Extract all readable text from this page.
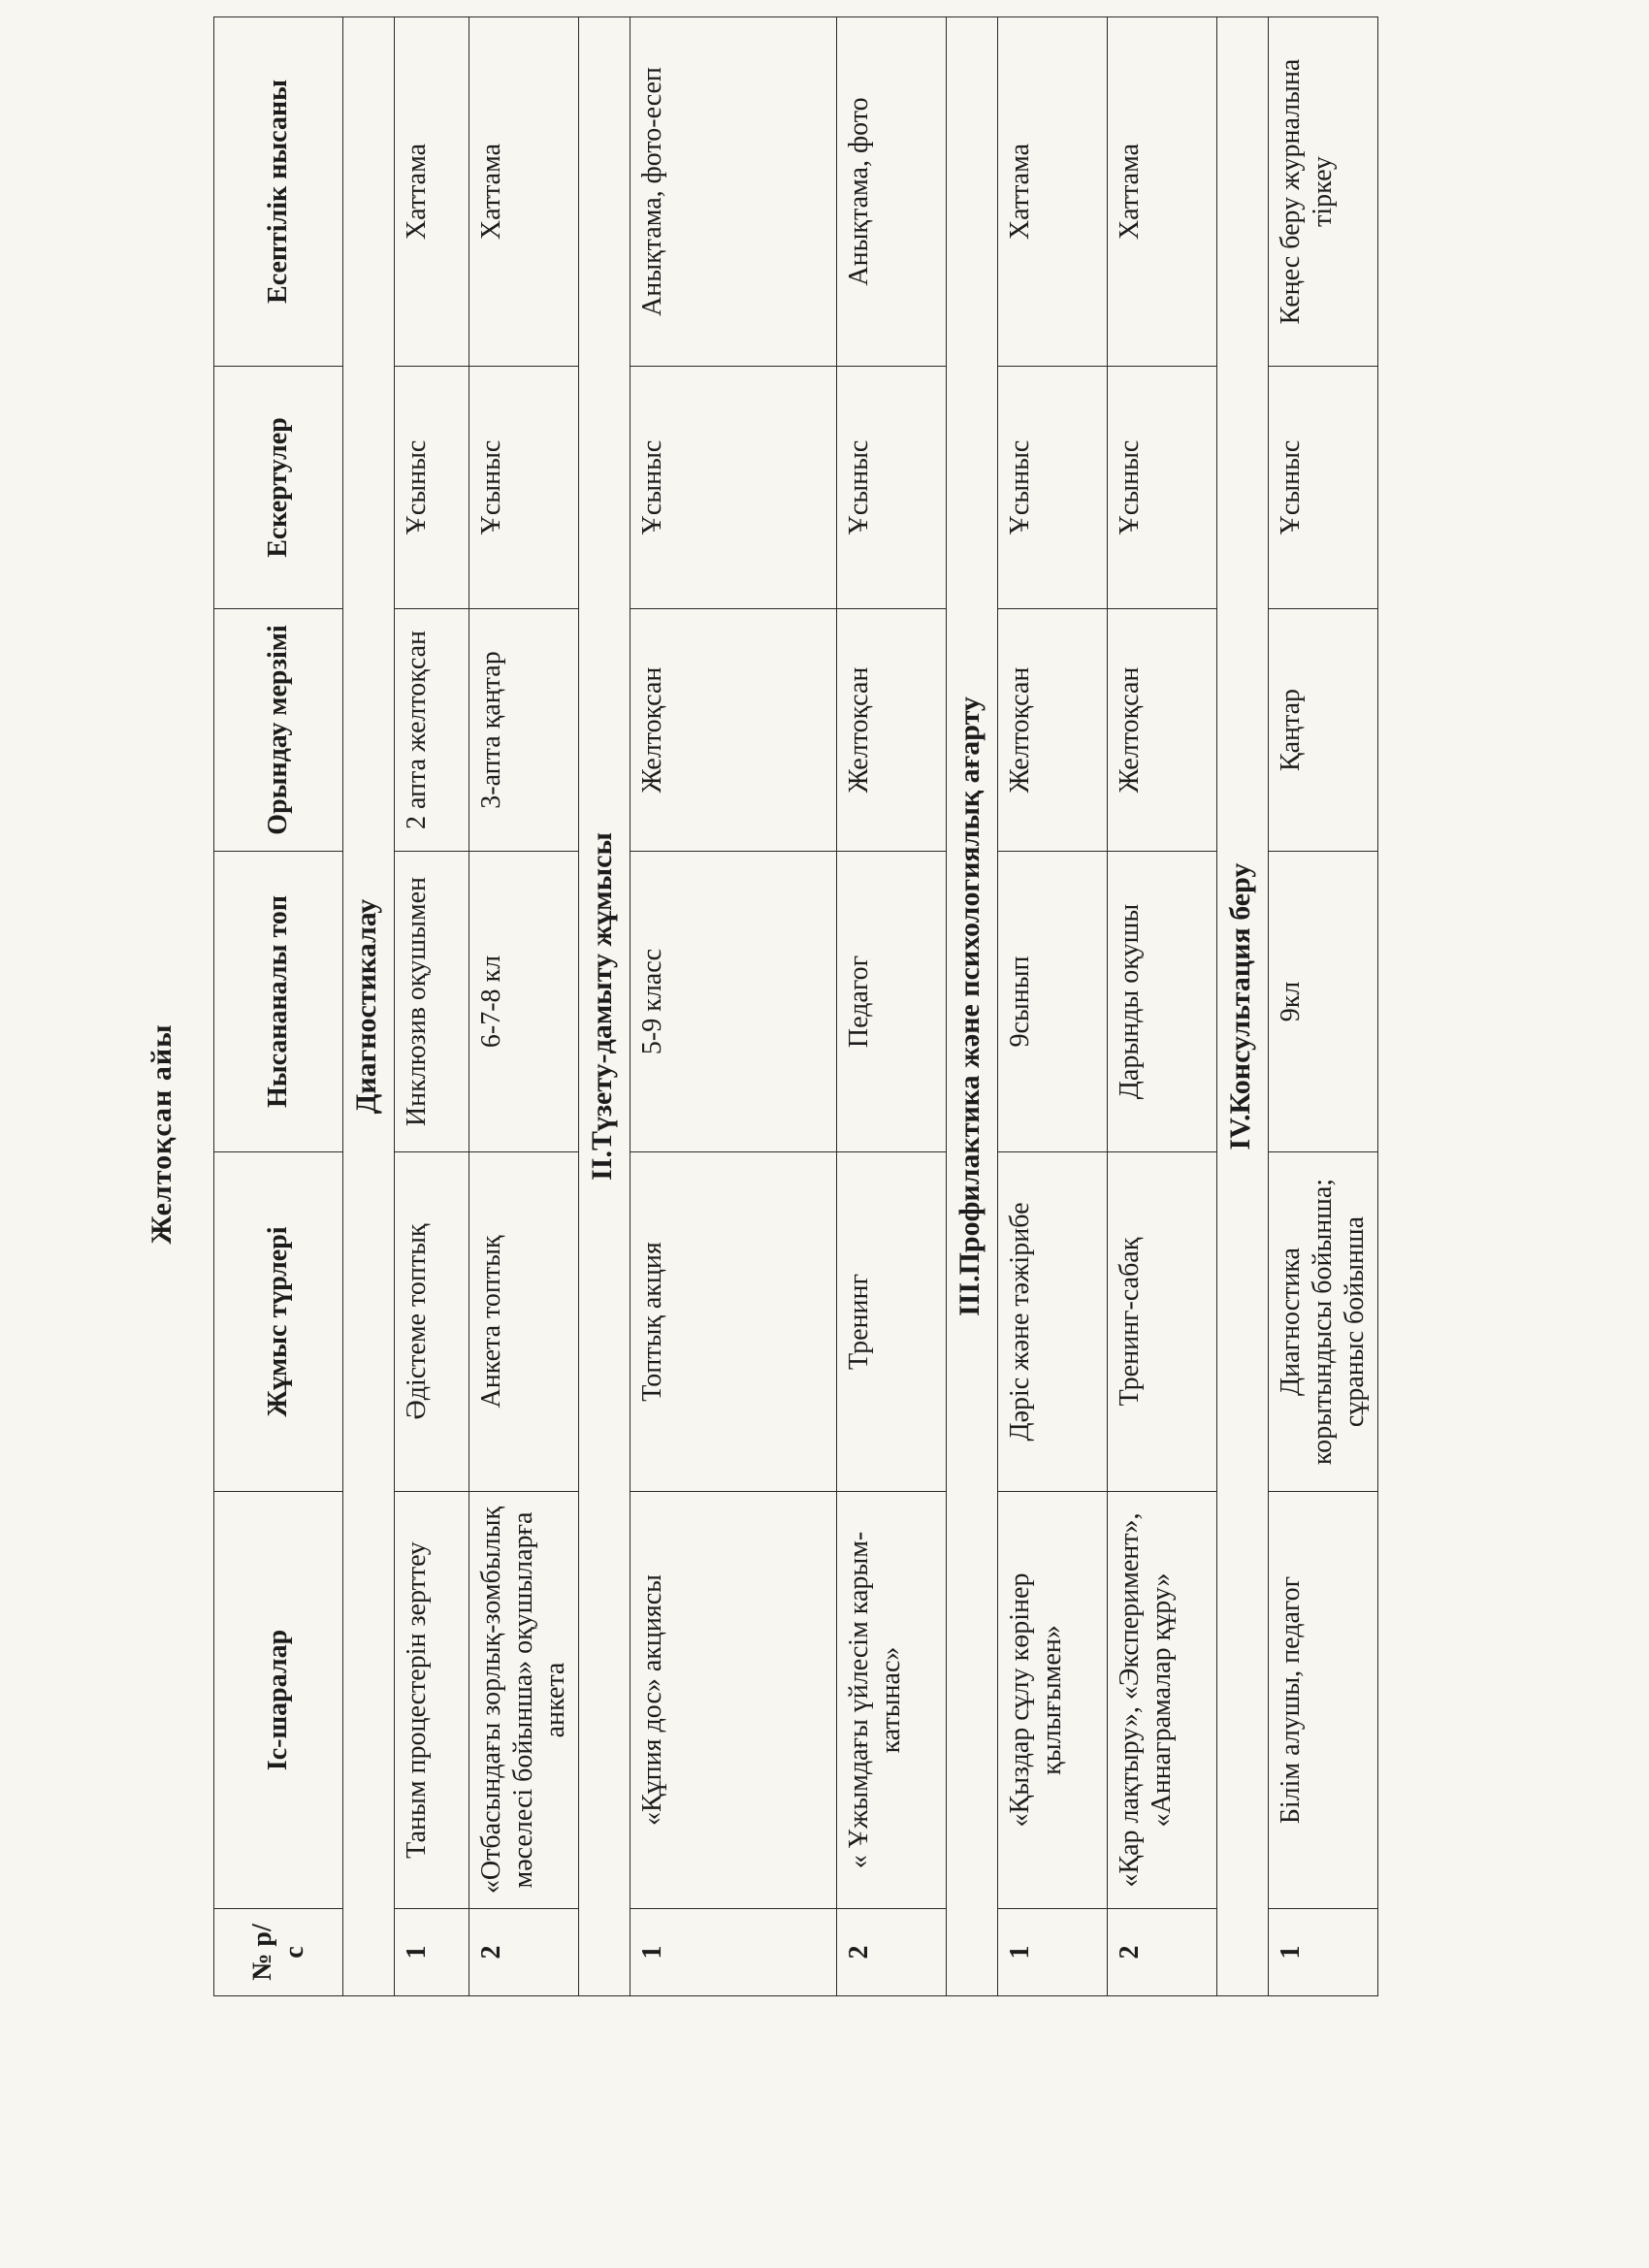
Желтоқсан айы
№ р/с	Іс-шаралар	Жұмыс түрлері	Нысананалы топ	Орындау мерзімі	Ескертулер	Есептілік нысаны
Диагностикалау						
1	Таным процестерін зерттеу	Әдістеме топтық	Инклюзив оқушымен	2 апта желтоқсан	Ұсыныс	Хаттама
2	«Отбасындағы зорлық-зомбылық мәселесі бойынша» оқушыларға анкета	Анкета топтық	6-7-8 кл	3-апта қаңтар	Ұсыныс	Хаттама
II.Түзету-дамыту жұмысы						
1	«Құпия дос» акциясы	Топтық акция	5-9 класс	Желтоқсан	Ұсыныс	Анықтама, фото-есеп
2	« Ұжымдағы үйлесім карым-катынас»	Тренинг	Педагог	Желтоқсан	Ұсыныс	Анықтама, фото
III.Профилактика және психологиялық ағарту						
1	«Қыздар сұлу көрінер қылығымен»	Дәріс және тәжірибе	9сынып	Желтоқсан	Ұсыныс	Хаттама
2	«Қар лақтыру», «Эксперимент», «Аннаграмалар құру»	Тренинг-сабақ	Дарынды оқушы	Желтоқсан	Ұсыныс	Хаттама
IV.Консультация беру						
1	Білім алушы, педагог	Диагностика корытындысы бойынша; сұраныс бойынша	9кл	Қаңтар	Ұсыныс	Кеңес беру журналына тіркеу
